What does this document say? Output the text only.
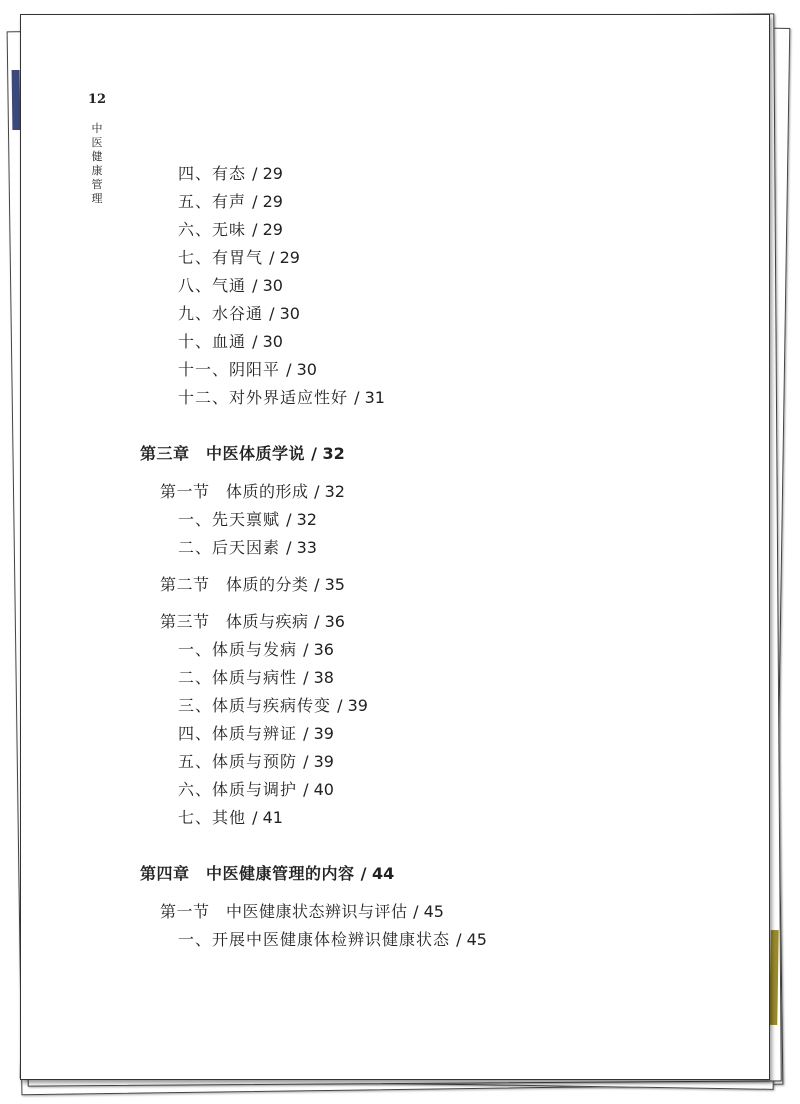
12
中医健康管理
四、有态 / 29
五、有声 / 29
六、无味 / 29
七、有胃气 / 29
八、气通 / 30
九、水谷通 / 30
十、血通 / 30
十一、阴阳平 / 30
十二、对外界适应性好 / 31
第三章　中医体质学说 / 32
第一节　体质的形成 / 32
一、先天禀赋 / 32
二、后天因素 / 33
第二节　体质的分类 / 35
第三节　体质与疾病 / 36
一、体质与发病 / 36
二、体质与病性 / 38
三、体质与疾病传变 / 39
四、体质与辨证 / 39
五、体质与预防 / 39
六、体质与调护 / 40
七、其他 / 41
第四章　中医健康管理的内容 / 44
第一节　中医健康状态辨识与评估 / 45
一、开展中医健康体检辨识健康状态 / 45
